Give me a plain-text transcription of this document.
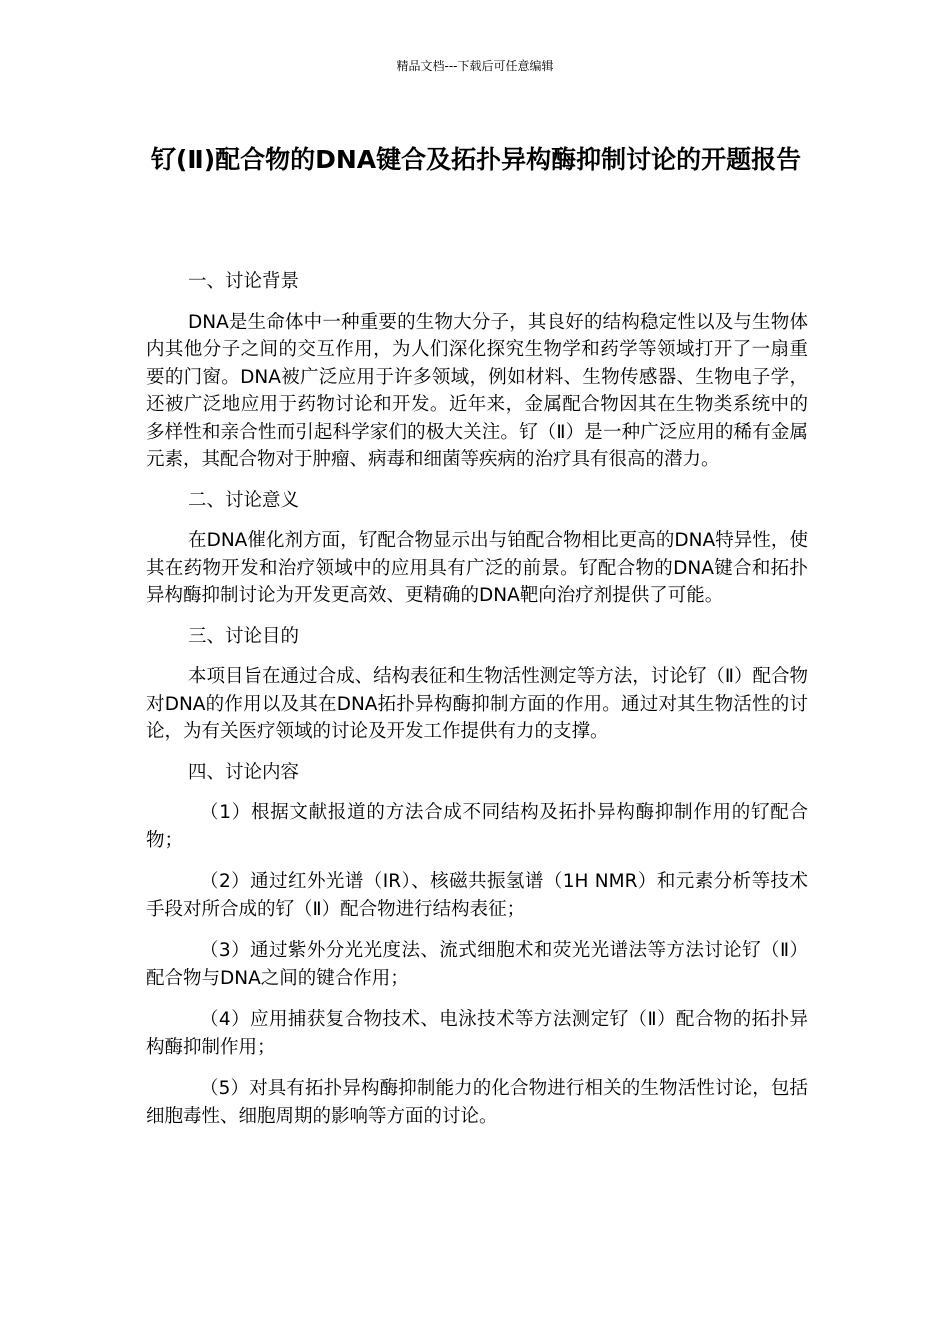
精品文档---下载后可任意编辑
钌(Ⅱ)配合物的DNA键合及拓扑异构酶抑制讨论的开题报告

一、讨论背景

DNA是生命体中一种重要的生物大分子，其良好的结构稳定性以及与生物体内其他分子之间的交互作用，为人们深化探究生物学和药学等领域打开了一扇重要的门窗。DNA被广泛应用于许多领域，例如材料、生物传感器、生物电子学，还被广泛地应用于药物讨论和开发。近年来，金属配合物因其在生物类系统中的多样性和亲合性而引起科学家们的极大关注。钌（Ⅱ）是一种广泛应用的稀有金属元素，其配合物对于肿瘤、病毒和细菌等疾病的治疗具有很高的潜力。

二、讨论意义

在DNA催化剂方面，钌配合物显示出与铂配合物相比更高的DNA特异性，使其在药物开发和治疗领域中的应用具有广泛的前景。钌配合物的DNA键合和拓扑异构酶抑制讨论为开发更高效、更精确的DNA靶向治疗剂提供了可能。

三、讨论目的

本项目旨在通过合成、结构表征和生物活性测定等方法，讨论钌（Ⅱ）配合物对DNA的作用以及其在DNA拓扑异构酶抑制方面的作用。通过对其生物活性的讨论，为有关医疗领域的讨论及开发工作提供有力的支撑。

四、讨论内容

（1）根据文献报道的方法合成不同结构及拓扑异构酶抑制作用的钌配合物；

（2）通过红外光谱（IR）、核磁共振氢谱（1H NMR）和元素分析等技术手段对所合成的钌（Ⅱ）配合物进行结构表征；

（3）通过紫外分光光度法、流式细胞术和荧光光谱法等方法讨论钌（Ⅱ）配合物与DNA之间的键合作用；

（4）应用捕获复合物技术、电泳技术等方法测定钌（Ⅱ）配合物的拓扑异构酶抑制作用；

（5）对具有拓扑异构酶抑制能力的化合物进行相关的生物活性讨论，包括细胞毒性、细胞周期的影响等方面的讨论。
